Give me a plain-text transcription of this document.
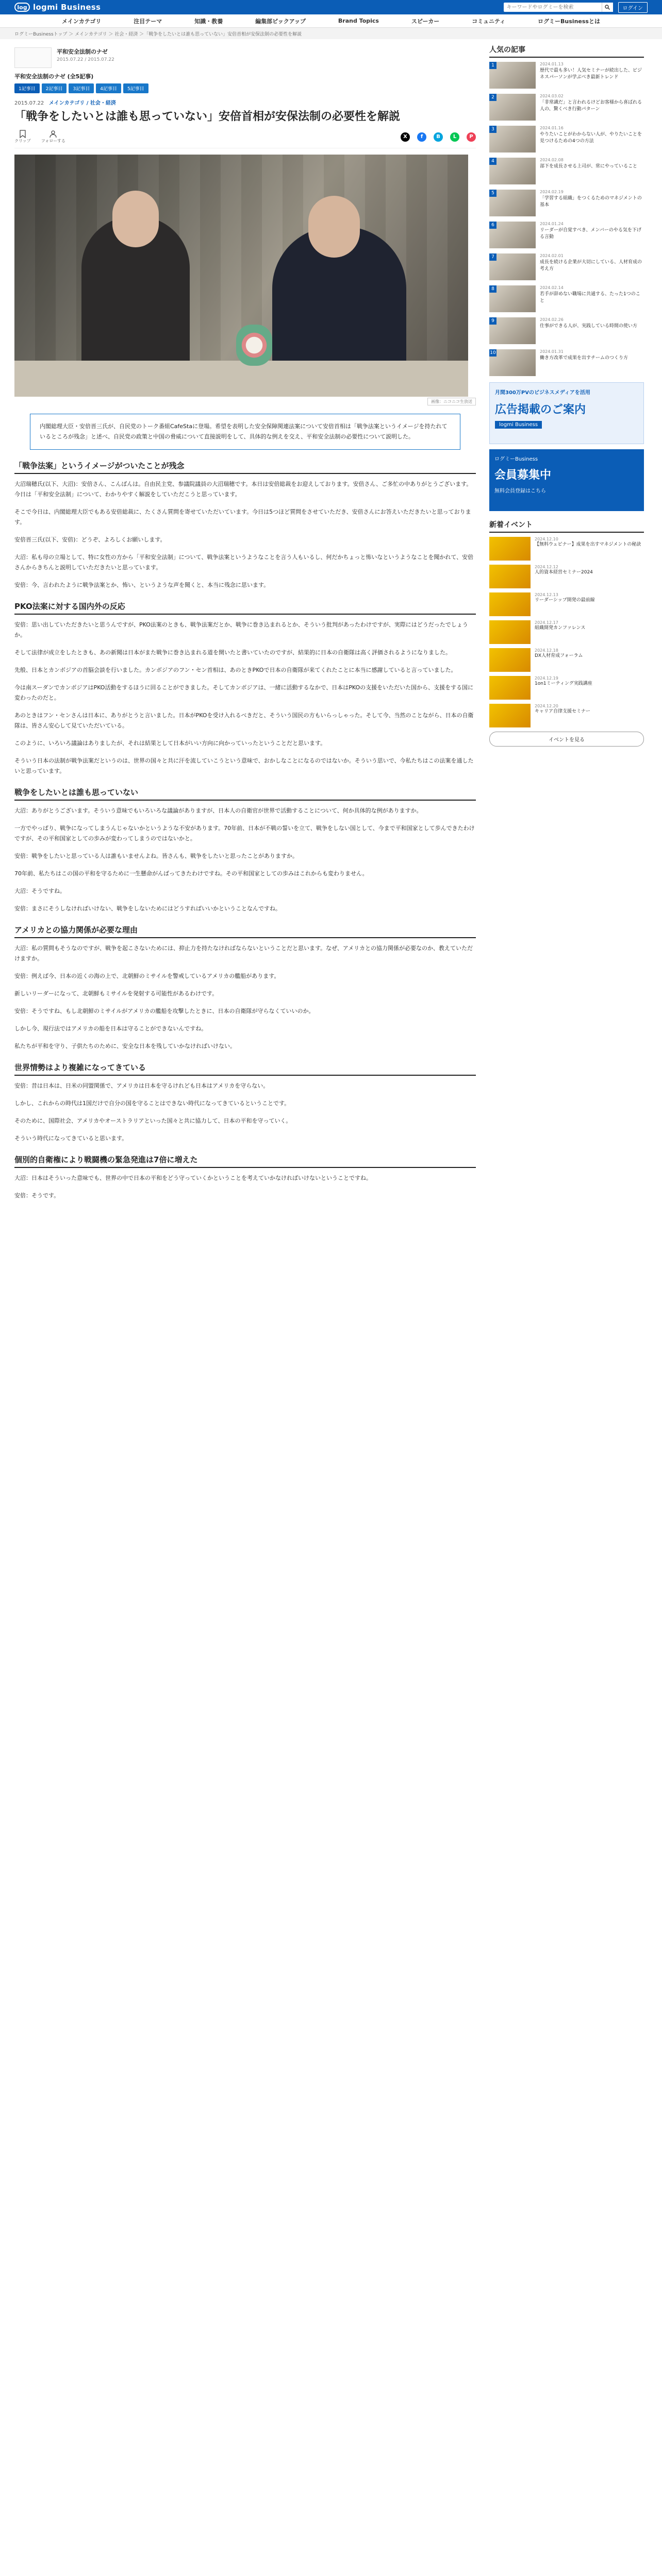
log logmi Business
キーワードやログミーを検索	ログイン
メインカテゴリ	注目テーマ	知識・教養	編集部ピックアップ	Brand Topics	スピーカー	コミュニティ	ログミーBusinessとは
ログミーBusinessトップ ＞ メインカテゴリ ＞ 社会・経済 ＞「戦争をしたいとは誰も思っていない」安倍首相が安保法制の必要性を解説
平和安全法制のナゼ
2015.07.22 / 2015.07.22
平和安全法制のナゼ (全5記事)
1記事目	2記事目	3記事目	4記事目	5記事目
2015.07.22 メインカテゴリ / 社会・経済
「戦争をしたいとは誰も思っていない」安倍首相が安保法制の必要性を解説
クリップ	フォローする
X	f	B	L	P
画像：ニコニコ生放送
内閣総理大臣・安倍晋三氏が、自民党のトーク番組CafeStaに登場。希望を表明した安全保障関連法案について安倍首相は「戦争法案というイメージを持たれているところが残念」と述べ、自民党の政策と中国の脅威について直接説明をして、具体的な例えを交え、平和安全法制の必要性について説明した。
「戦争法案」というイメージがついたことが残念

大沼瑞穂氏(以下、大沼)：安倍さん、こんばんは。自由民主党、参議院議員の大沼瑞穂です。本日は安倍総裁をお迎えしております。安倍さん、ご多忙の中ありがとうございます。今日は「平和安全法制」について、わかりやすく解説をしていただこうと思っています。

そこで今日は、内閣総理大臣でもある安倍総裁に、たくさん質問を寄せていただいています。今日は5つほど質問をさせていただき、安倍さんにお答えいただきたいと思っております。

安倍晋三氏(以下、安倍)：どうぞ、よろしくお願いします。

大沼：私も母の立場として、特に女性の方から「平和安全法制」について、戦争法案というようなことを言う人もいるし、何だかちょっと怖いなというようなことを聞かれて、安倍さんからきちんと説明していただきたいと思っています。

安倍：今、言われたように戦争法案とか、怖い、というような声を聞くと、本当に残念に思います。

PKO法案に対する国内外の反応

安倍：思い出していただきたいと思うんですが、PKO法案のときも、戦争法案だとか、戦争に巻き込まれるとか、そういう批判があったわけですが、実際にはどうだったでしょうか。

そして法律が成立をしたときも、あの新聞は日本がまた戦争に巻き込まれる道を開いたと書いていたのですが、結果的に日本の自衛隊は高く評価されるようになりました。

先般、日本とカンボジアの首脳会談を行いました。カンボジアのフン・セン首相は、あのときPKOで日本の自衛隊が来てくれたことに本当に感謝していると言っていました。

今は南スーダンでカンボジアはPKO活動をするほうに回ることができました。そしてカンボジアは、一緒に活動するなかで、日本はPKOの支援をいただいた国から、支援をする国に変わったのだと。

あのときはフン・センさんは日本に、ありがとうと言いました。日本がPKOを受け入れるべきだと、そういう国民の方もいらっしゃった。そして今、当然のことながら、日本の自衛隊は、皆さん安心して見ていただいている。

このように、いろいろ議論はありましたが、それは結果として日本がいい方向に向かっていったということだと思います。

そういう日本の法制が戦争法案だというのは、世界の国々と共に汗を流していこうという意味で、おかしなことになるのではないか。そういう思いで、今私たちはこの法案を通したいと思っています。

戦争をしたいとは誰も思っていない

大沼：ありがとうございます。そういう意味でもいろいろな議論がありますが、日本人の自衛官が世界で活動することについて、何か具体的な例がありますか。

一方でやっぱり、戦争になってしまうんじゃないかというような不安があります。70年前、日本が不戦の誓いを立て、戦争をしない国として、今まで平和国家として歩んできたわけですが、その平和国家としての歩みが変わってしまうのではないかと。

安倍：戦争をしたいと思っている人は誰もいませんよね。皆さんも、戦争をしたいと思ったことがありますか。

70年前、私たちはこの国の平和を守るために一生懸命がんばってきたわけですね。その平和国家としての歩みはこれからも変わりません。

大沼：そうですね。

安倍：まさにそうしなければいけない、戦争をしないためにはどうすればいいかということなんですね。

アメリカとの協力関係が必要な理由

大沼：私の質問もそうなのですが、戦争を起こさないためには、抑止力を持たなければならないということだと思います。なぜ、アメリカとの協力関係が必要なのか、教えていただけますか。

安倍：例えば今、日本の近くの海の上で、北朝鮮のミサイルを警戒しているアメリカの艦船があります。

新しいリーダーになって、北朝鮮もミサイルを発射する可能性があるわけです。

安倍：そうですね、もし北朝鮮のミサイルがアメリカの艦船を攻撃したときに、日本の自衛隊が守らなくていいのか。

しかし今、現行法ではアメリカの船を日本は守ることができないんですね。

私たちが平和を守り、子供たちのために、安全な日本を残していかなければいけない。

世界情勢はより複雑になってきている

安倍：昔は日本は、日米の同盟関係で、アメリカは日本を守るけれども日本はアメリカを守らない。

しかし、これからの時代は1国だけで自分の国を守ることはできない時代になってきているということです。

そのために、国際社会、アメリカやオーストラリアといった国々と共に協力して、日本の平和を守っていく。

そういう時代になってきていると思います。

個別的自衛権により戦闘機の緊急発進は7倍に増えた

大沼：日本はそういった意味でも、世界の中で日本の平和をどう守っていくかということを考えていかなければいけないということですね。

安倍：そうです。

人気の記事
1	2024.01.13
歴代で最も多い！人気セミナーが続出した、ビジネスパーソンが学ぶべき最新トレンド
2	2024.03.02
「非常識だ」と言われるけどお客様から喜ばれる人の、驚くべき行動パターン
3	2024.01.16
やりたいことがわからない人が、やりたいことを見つけるための4つの方法
4	2024.02.08
部下を成長させる上司が、常にやっていること
5	2024.02.19
「学習する組織」をつくるためのマネジメントの基本
6	2024.01.24
リーダーが自覚すべき、メンバーのやる気を下げる言動
7	2024.02.01
成長を続ける企業が大切にしている、人材育成の考え方
8	2024.02.14
若手が辞めない職場に共通する、たった1つのこと
9	2024.02.26
仕事ができる人が、実践している時間の使い方
10	2024.01.31
働き方改革で成果を出すチームのつくり方
月間300万PVのビジネスメディアを活用
広告掲載のご案内
logmi Business
ログミーBusiness
会員募集中
無料会員登録はこちら
新着イベント
2024.12.10
【無料ウェビナー】成果を出すマネジメントの秘訣
2024.12.12
人的資本経営セミナー2024
2024.12.13
リーダーシップ開発の最前線
2024.12.17
組織開発カンファレンス
2024.12.18
DX人材育成フォーラム
2024.12.19
1on1ミーティング実践講座
2024.12.20
キャリア自律支援セミナー
イベントを見る
